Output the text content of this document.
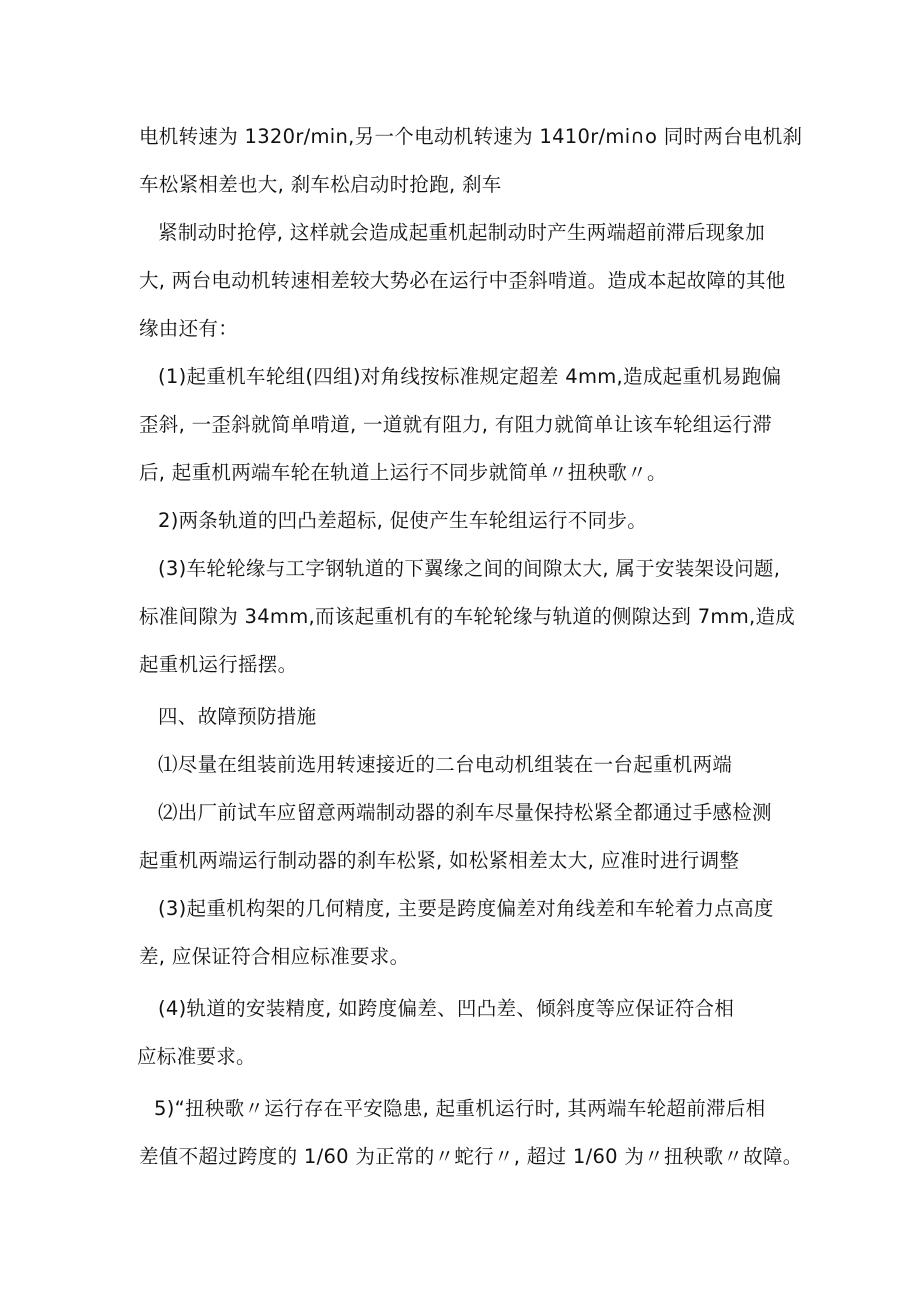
电机转速为 1320r/min,另一个电动机转速为 1410r/mi∩o 同时两台电机刹

车松紧相差也大, 刹车松启动时抢跑, 刹车

紧制动时抢停, 这样就会造成起重机起制动时产生两端超前滞后现象加

大, 两台电动机转速相差较大势必在运行中歪斜啃道。造成本起故障的其他

缘由还有：

(1)起重机车轮组(四组)对角线按标准规定超差 4mm,造成起重机易跑偏

歪斜, 一歪斜就简单啃道, 一道就有阻力, 有阻力就简单让该车轮组运行滞

后, 起重机两端车轮在轨道上运行不同步就简单〃扭秧歌〃。

2)两条轨道的凹凸差超标, 促使产生车轮组运行不同步。

(3)车轮轮缘与工字钢轨道的下翼缘之间的间隙太大, 属于安装架设问题,

标准间隙为 34mm,而该起重机有的车轮轮缘与轨道的侧隙达到 7mm,造成

起重机运行摇摆。

四、故障预防措施

⑴尽量在组装前选用转速接近的二台电动机组装在一台起重机两端

⑵出厂前试车应留意两端制动器的刹车尽量保持松紧全都通过手感检测

起重机两端运行制动器的刹车松紧, 如松紧相差太大, 应准时进行调整

(3)起重机构架的几何精度, 主要是跨度偏差对角线差和车轮着力点高度

差, 应保证符合相应标准要求。

(4)轨道的安装精度, 如跨度偏差、凹凸差、倾斜度等应保证符合相

应标准要求。

5)“扭秧歌〃运行存在平安隐患, 起重机运行时, 其两端车轮超前滞后相

差值不超过跨度的 1/60 为正常的〃蛇行〃, 超过 1/60 为〃扭秧歌〃故障。
